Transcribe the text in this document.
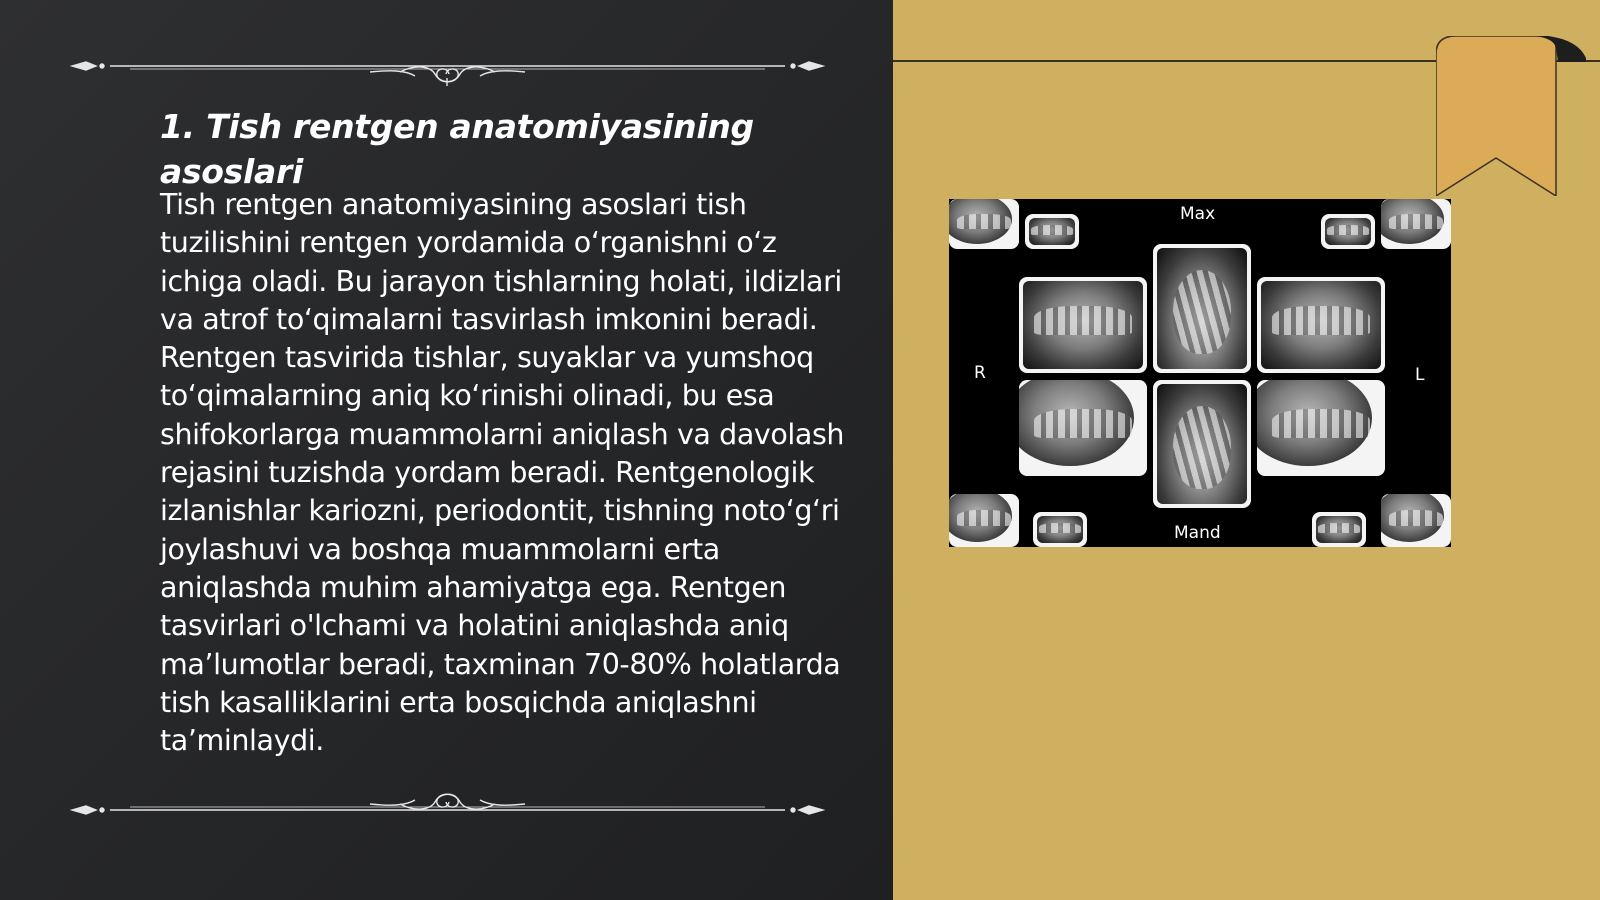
1. Tish rentgen anatomiyasining asoslari

Tish rentgen anatomiyasining asoslari tish tuzilishini rentgen yordamida o‘rganishni o‘z ichiga oladi. Bu jarayon tishlarning holati, ildizlari va atrof to‘qimalarni tasvirlash imkonini beradi. Rentgen tasvirida tishlar, suyaklar va yumshoq to‘qimalarning aniq ko‘rinishi olinadi, bu esa shifokorlarga muammolarni aniqlash va davolash rejasini tuzishda yordam beradi. Rentgenologik izlanishlar kariozni, periodontit, tishning noto‘g‘ri joylashuvi va boshqa muammolarni erta aniqlashda muhim ahamiyatga ega. Rentgen tasvirlari o'lchami va holatini aniqlashda aniq ma’lumotlar beradi, taxminan 70-80% holatlarda tish kasalliklarini erta bosqichda aniqlashni ta’minlaydi.

Max
Mand
R	L
